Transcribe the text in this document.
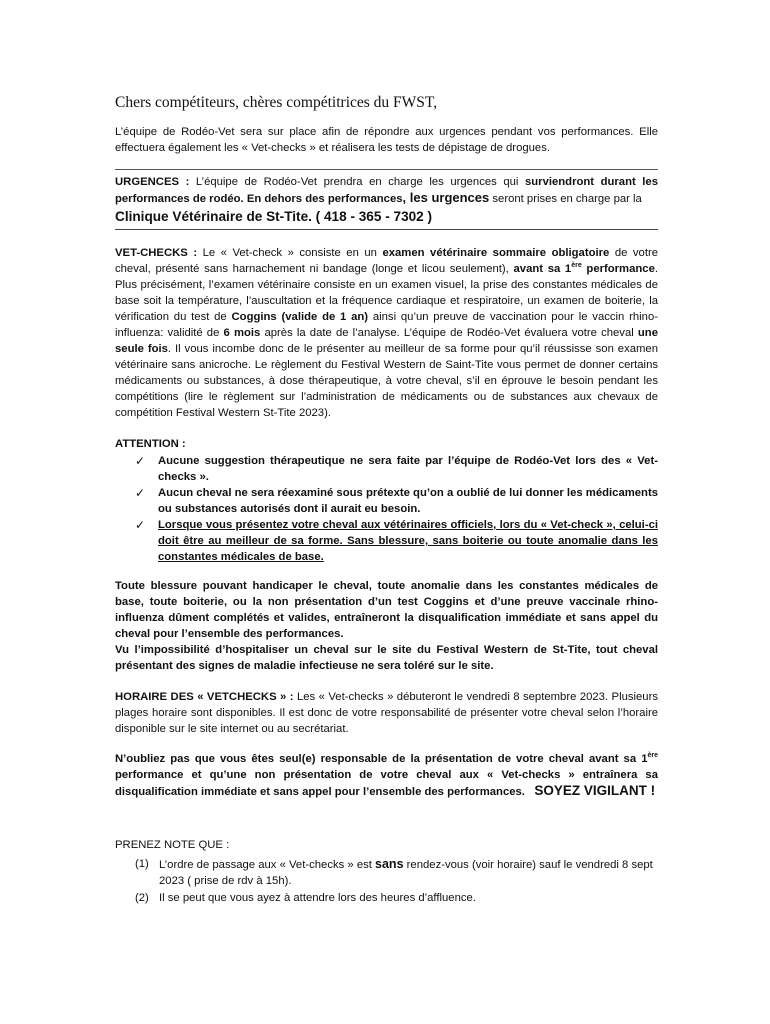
Chers compétiteurs, chères compétitrices du FWST,
L’équipe de Rodéo-Vet sera sur place afin de répondre aux urgences pendant vos performances. Elle effectuera également les « Vet-checks » et réalisera les tests de dépistage de drogues.
URGENCES : L’équipe de Rodéo-Vet prendra en charge les urgences qui surviendront durant les performances de rodéo. En dehors des performances, les urgences seront prises en charge par la
Clinique Vétérinaire de St-Tite. ( 418 - 365 - 7302 )
VET-CHECKS : Le « Vet-check » consiste en un examen vétérinaire sommaire obligatoire de votre cheval, présenté sans harnachement ni bandage (longe et licou seulement), avant sa 1ère performance. Plus précisément, l’examen vétérinaire consiste en un examen visuel, la prise des constantes médicales de base soit la température, l’auscultation et la fréquence cardiaque et respiratoire, un examen de boiterie, la vérification du test de Coggins (valide de 1 an) ainsi qu’un preuve de vaccination pour le vaccin rhino-influenza: validité de 6 mois après la date de l’analyse. L’équipe de Rodéo-Vet évaluera votre cheval une seule fois. Il vous incombe donc de le présenter au meilleur de sa forme pour qu’il réussisse son examen vétérinaire sans anicroche. Le règlement du Festival Western de Saint-Tite vous permet de donner certains médicaments ou substances, à dose thérapeutique, à votre cheval, s’il en éprouve le besoin pendant les compétitions (lire le règlement sur l’administration de médicaments ou de substances aux chevaux de compétition Festival Western St-Tite 2023).
ATTENTION :
✓ Aucune suggestion thérapeutique ne sera faite par l’équipe de Rodéo-Vet lors des « Vet-checks ».
✓ Aucun cheval ne sera réexaminé sous prétexte qu’on a oublié de lui donner les médicaments ou substances autorisés dont il aurait eu besoin.
✓ Lorsque vous présentez votre cheval aux vétérinaires officiels, lors du « Vet-check », celui-ci doit être au meilleur de sa forme. Sans blessure, sans boiterie ou toute anomalie dans les constantes médicales de base.
Toute blessure pouvant handicaper le cheval, toute anomalie dans les constantes médicales de base, toute boiterie, ou la non présentation d’un test Coggins et d’une preuve vaccinale rhino-influenza dûment complétés et valides, entraîneront la disqualification immédiate et sans appel du cheval pour l’ensemble des performances.
Vu l’impossibilité d’hospitaliser un cheval sur le site du Festival Western de St-Tite, tout cheval présentant des signes de maladie infectieuse ne sera toléré sur le site.
HORAIRE DES « VETCHECKS » : Les « Vet-checks » débuteront le vendredi 8 septembre 2023. Plusieurs plages horaire sont disponibles. Il est donc de votre responsabilité de présenter votre cheval selon l’horaire disponible sur le site internet ou au secrétariat.
N’oubliez pas que vous êtes seul(e) responsable de la présentation de votre cheval avant sa 1ère performance et qu’une non présentation de votre cheval aux « Vet-checks » entraînera sa disqualification immédiate et sans appel pour l’ensemble des performances. SOYEZ VIGILANT !
PRENEZ NOTE QUE :
(1) L’ordre de passage aux « Vet-checks » est sans rendez-vous (voir horaire) sauf le vendredi 8 sept 2023 ( prise de rdv à 15h).
(2) Il se peut que vous ayez à attendre lors des heures d’affluence.
